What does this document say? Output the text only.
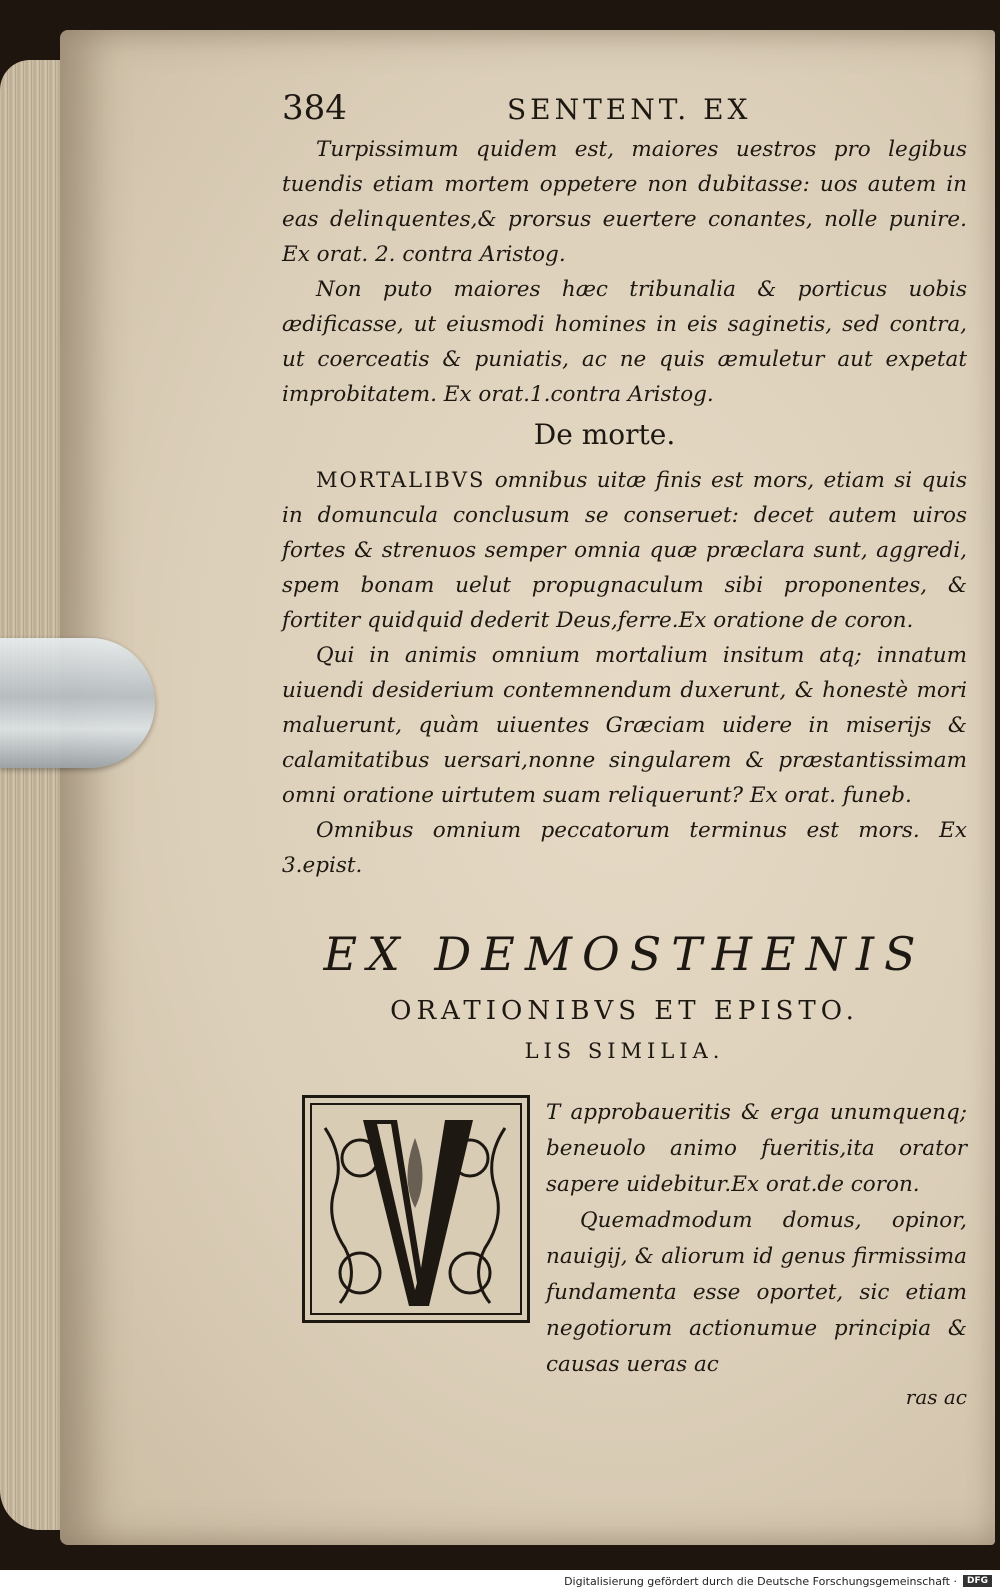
384	SENTENT. EX

Turpissimum quidem est, maiores uestros pro legibus tuendis etiam mortem oppetere non dubitasse: uos autem in eas delinquentes,& prorsus euertere conantes, nolle punire. Ex orat. 2. contra Aristog.

Non puto maiores hæc tribunalia & porticus uobis ædificasse, ut eiusmodi homines in eis saginetis, sed contra, ut coerceatis & puniatis, ac ne quis æmuletur aut expetat improbitatem. Ex orat.1.contra Aristog.

De morte.

MORTALIBVS omnibus uitæ finis est mors, etiam si quis in domuncula conclusum se conseruet: decet autem uiros fortes & strenuos semper omnia quæ præclara sunt, aggredi, spem bonam uelut propugnaculum sibi proponentes, & fortiter quidquid dederit Deus,ferre.Ex oratione de coron.

Qui in animis omnium mortalium insitum atq; innatum uiuendi desiderium contemnendum duxerunt, & honestè mori maluerunt, quàm uiuentes Græciam uidere in miserijs & calamitatibus uersari,nonne singularem & præstantissimam omni oratione uirtutem suam reliquerunt? Ex orat. funeb.

Omnibus omnium peccatorum terminus est mors. Ex 3.epist.

EX DEMOSTHENIS
ORATIONIBVS ET EPISTO.
LIS SIMILIA.

T approbaueritis & erga unumquenq; beneuolo animo fueritis,ita orator sapere uidebitur.Ex orat.de coron.

Quemadmodum domus, opinor, nauigij, & aliorum id genus firmissima fundamenta esse oportet, sic etiam negotiorum actionumue principia & causas ueras ac

ras ac
Digitalisierung gefördert durch die Deutsche Forschungsgemeinschaft ·	DFG
